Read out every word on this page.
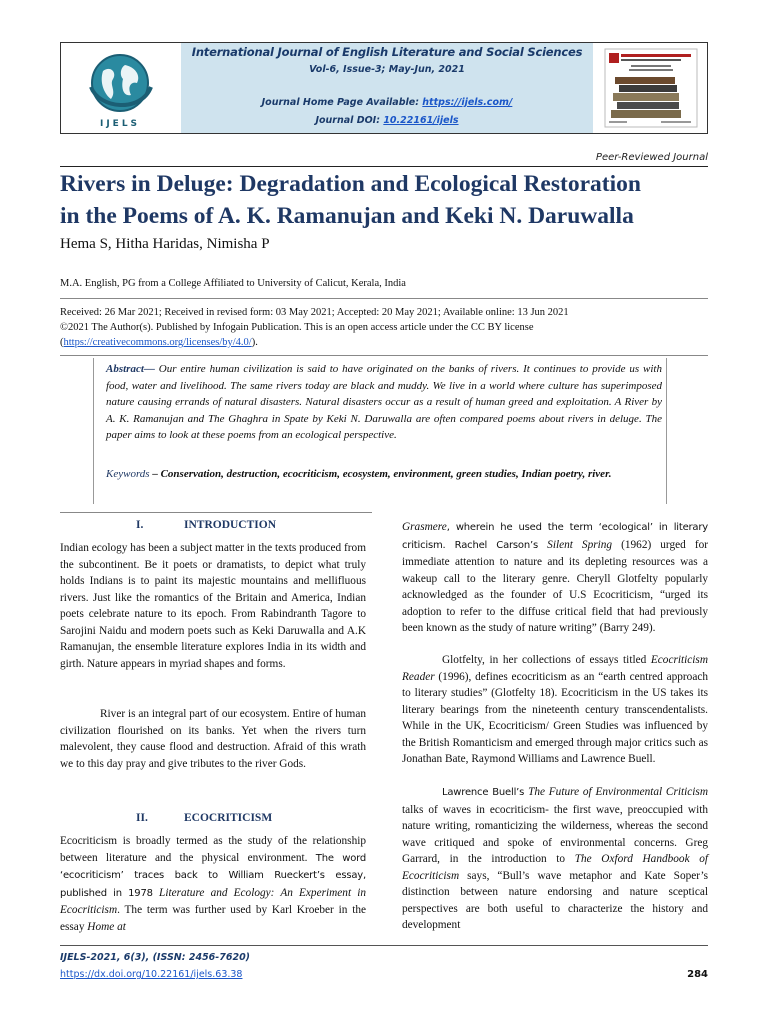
IJELS
International Journal of English Literature and Social Sciences
Vol-6, Issue-3; May-Jun, 2021
Journal Home Page Available: https://ijels.com/
Journal DOI: 10.22161/ijels
Peer-Reviewed Journal
Rivers in Deluge: Degradation and Ecological Restoration
in the Poems of A. K. Ramanujan and Keki N. Daruwalla
Hema S, Hitha Haridas, Nimisha P
M.A. English, PG from a College Affiliated to University of Calicut, Kerala, India
Received: 26 Mar 2021; Received in revised form: 03 May 2021; Accepted: 20 May 2021; Available online: 13 Jun 2021
©2021 The Author(s). Published by Infogain Publication. This is an open access article under the CC BY license
(https://creativecommons.org/licenses/by/4.0/).
Abstract— Our entire human civilization is said to have originated on the banks of rivers. It continues to provide us with food, water and livelihood. The same rivers today are black and muddy. We live in a world where culture has superimposed nature causing errands of natural disasters. Natural disasters occur as a result of human greed and exploitation. A River by A. K. Ramanujan and The Ghaghra in Spate by Keki N. Daruwalla are often compared poems about rivers in deluge. The paper aims to look at these poems from an ecological perspective.
Keywords – Conservation, destruction, ecocriticism, ecosystem, environment, green studies, Indian poetry, river.
I.	INTRODUCTION
Indian ecology has been a subject matter in the texts produced from the subcontinent. Be it poets or dramatists, to depict what truly holds Indians is to paint its majestic mountains and mellifluous rivers. Just like the romantics of the Britain and America, Indian poets celebrate nature to its epoch. From Rabindranth Tagore to Sarojini Naidu and modern poets such as Keki Daruwalla and A.K Ramanujan, the ensemble literature explores India in its width and girth. Nature appears in myriad shapes and forms.
River is an integral part of our ecosystem. Entire of human civilization flourished on its banks. Yet when the rivers turn malevolent, they cause flood and destruction. Afraid of this wrath we to this day pray and give tributes to the river Gods.
II.	ECOCRITICISM
Ecocriticism is broadly termed as the study of the relationship between literature and the physical environment. The word ‘ecocriticism’ traces back to William Rueckert’s essay, published in 1978 Literature and Ecology: An Experiment in Ecocriticism. The term was further used by Karl Kroeber in the essay Home at
Grasmere, wherein he used the term ‘ecological’ in literary criticism. Rachel Carson’s Silent Spring (1962) urged for immediate attention to nature and its depleting resources was a wakeup call to the literary genre. Cheryll Glotfelty popularly acknowledged as the founder of U.S Ecocriticism, “urged its adoption to refer to the diffuse critical field that had previously been known as the study of nature writing” (Barry 249).
Glotfelty, in her collections of essays titled Ecocriticism Reader (1996), defines ecocriticism as an “earth centred approach to literary studies” (Glotfelty 18). Ecocriticism in the US takes its literary bearings from the nineteenth century transcendentalists. While in the UK, Ecocriticism/ Green Studies was influenced by the British Romanticism and emerged through major critics such as Jonathan Bate, Raymond Williams and Lawrence Buell.
Lawrence Buell’s The Future of Environmental Criticism talks of waves in ecocriticism- the first wave, preoccupied with nature writing, romanticizing the wilderness, whereas the second wave critiqued and spoke of environmental concerns. Greg Garrard, in the introduction to The Oxford Handbook of Ecocriticism says, “Bull’s wave metaphor and Kate Soper’s distinction between nature endorsing and nature sceptical perspectives are both useful to characterize the history and development
IJELS-2021, 6(3), (ISSN: 2456-7620)
https://dx.doi.org/10.22161/ijels.63.38	284
